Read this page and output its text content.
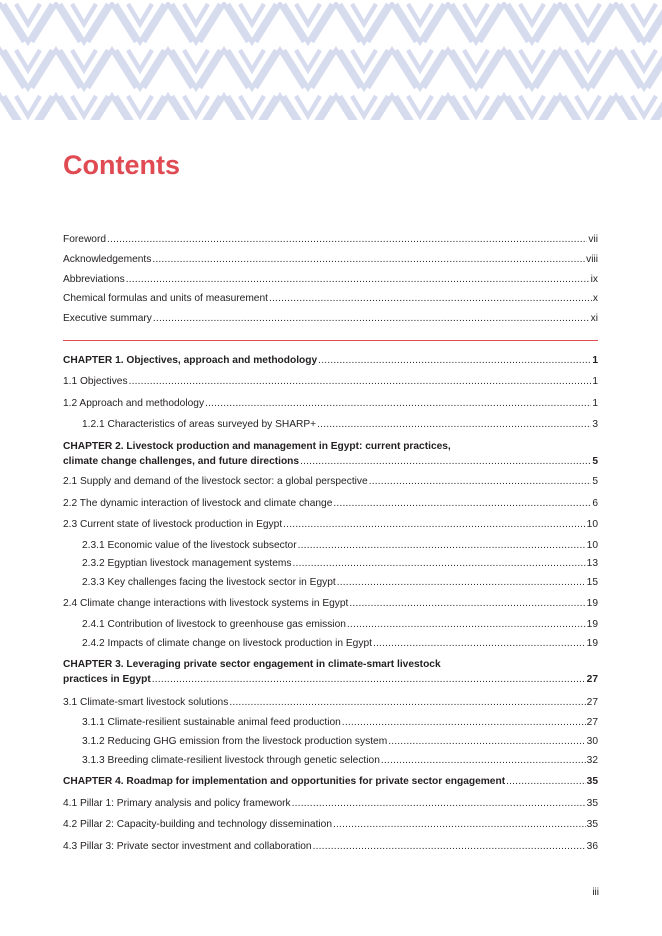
Contents
Foreword .....	vii
Acknowledgements .....	viii
Abbreviations .....	ix
Chemical formulas and units of measurement .....	x
Executive summary .....	xi
CHAPTER 1. Objectives, approach and methodology .....	1
1.1 Objectives .....	1
1.2 Approach and methodology .....	1
1.2.1 Characteristics of areas surveyed by SHARP+ .....	3
CHAPTER 2. Livestock production and management in Egypt: current practices,
climate change challenges, and future directions .....	5
2.1 Supply and demand of the livestock sector: a global perspective .....	5
2.2 The dynamic interaction of livestock and climate change .....	6
2.3 Current state of livestock production in Egypt .....	10
2.3.1 Economic value of the livestock subsector .....	10
2.3.2 Egyptian livestock management systems .....	13
2.3.3 Key challenges facing the livestock sector in Egypt .....	15
2.4 Climate change interactions with livestock systems in Egypt .....	19
2.4.1 Contribution of livestock to greenhouse gas emission .....	19
2.4.2 Impacts of climate change on livestock production in Egypt .....	19
CHAPTER 3. Leveraging private sector engagement in climate-smart livestock
practices in Egypt .....	27
3.1 Climate-smart livestock solutions .....	27
3.1.1 Climate-resilient sustainable animal feed production .....	27
3.1.2 Reducing GHG emission from the livestock production system .....	30
3.1.3 Breeding climate-resilient livestock through genetic selection .....	32
CHAPTER 4. Roadmap for implementation and opportunities for private sector engagement .....	35
4.1 Pillar 1: Primary analysis and policy framework .....	35
4.2 Pillar 2: Capacity-building and technology dissemination .....	35
4.3 Pillar 3: Private sector investment and collaboration .....	36
iii
